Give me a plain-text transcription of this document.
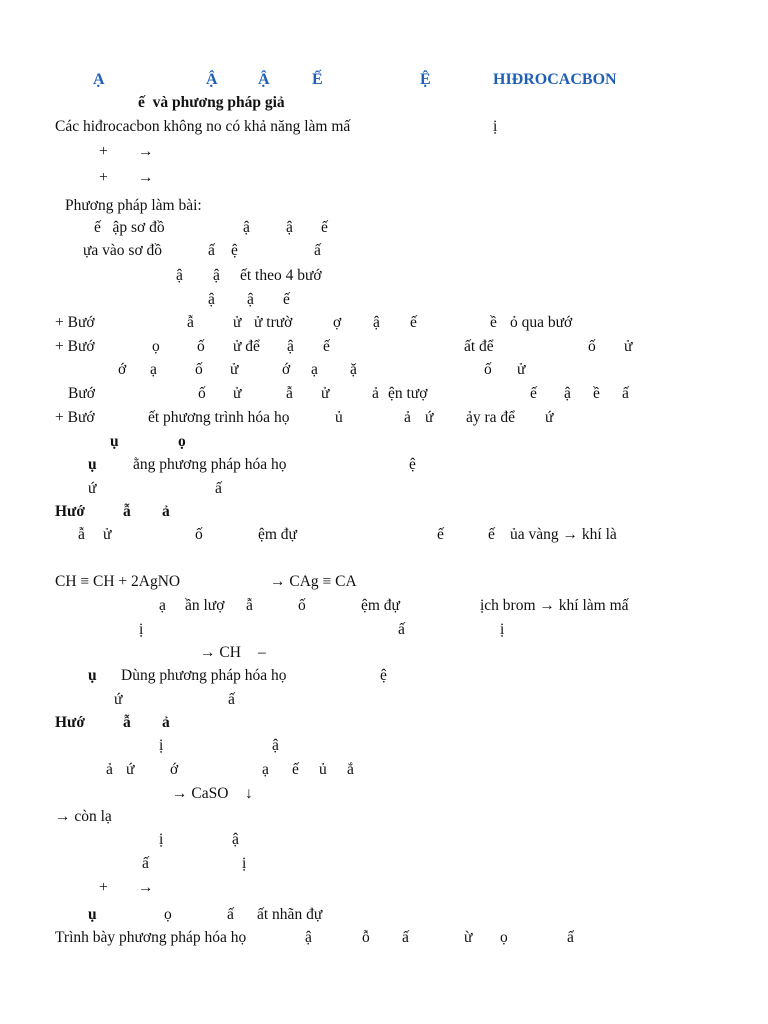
Ạ	Ậ	Ậ	Ế	Ệ	HIĐROCACBON
ế  và phương pháp giả
Các hiđrocacbon không no có khả năng làm mấ	ị
+ →
+ →
Phương pháp làm bài:
ế   ập sơ đồ	ậ ậ ế
ựa vào sơ đồ	ấ ệ	ấ
ậ ậ ết theo 4 bướ
ậ ậ ế
+ Bướ	ẫ	ử ử trườ	ợ ậ ế	ề ỏ qua bướ
+ Bướ	ọ ố ử để ậ ế	ất để	ố ử
ớ ạ ố ử	ớ ạ ặ	ố ử
Bướ	ố ử	ẫ ử	ả ện tượ	ế ậ ề ấ
+ Bướ	ết phương trình hóa họ	ủ	ả ứ ảy ra để ứ
ụ	ọ
ụ ằng phương pháp hóa họ	ệ
ứ	ấ
Hướ ẫ ả
ẫ ử	ố	ệm đự	ế	ế ủa vàng → khí là
CH ≡ CH + 2AgNO	→ CAg ≡ CA
ạ ần lượ ẫ	ố	ệm đự	ịch brom → khí làm mấ
ị	ấ	ị
→ CH –
ụ Dùng phương pháp hóa họ	ệ
ứ	ấ
Hướ ẫ ả
ị	ậ
ả ứ ớ	ạ ế ủ ắ
→ CaSO ↓
→ còn lạ
ị	ậ
ấ	ị
+ →
ụ	ọ	ấ ất nhãn đự
Trình bày phương pháp hóa họ	ậ	ỗ ấ	ừ ọ	ấ
